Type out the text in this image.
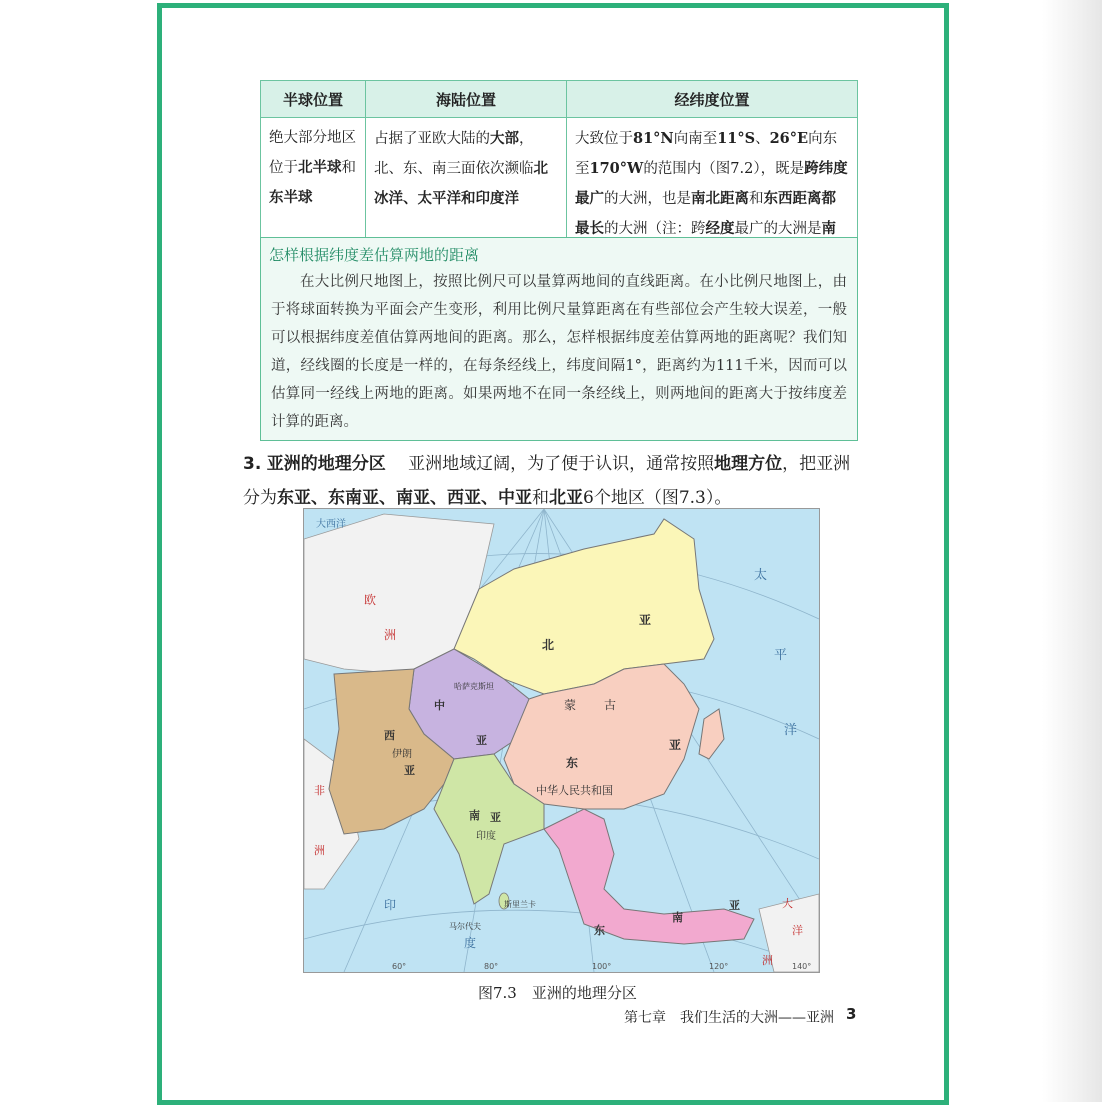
半球位置	海陆位置	经纬度位置
绝大部分地区位于北半球和东半球	占据了亚欧大陆的大部，北、东、南三面依次濒临北冰洋、太平洋和印度洋	大致位于81°N向南至11°S、26°E向东至170°W的范围内（图7.2），既是跨纬度最广的大洲，也是南北距离和东西距离都最长的大洲（注：跨经度最广的大洲是南
怎样根据纬度差估算两地的距离
在大比例尺地图上，按照比例尺可以量算两地间的直线距离。在小比例尺地图上，由于将球面转换为平面会产生变形，利用比例尺量算距离在有些部位会产生较大误差，一般可以根据纬度差值估算两地间的距离。那么，怎样根据纬度差估算两地的距离呢？我们知道，经线圈的长度是一样的，在每条经线上，纬度间隔1°，距离约为111千米，因而可以估算同一经线上两地的距离。如果两地不在同一条经线上，则两地间的距离大于按纬度差计算的距离。
3. 亚洲的地理分区　 亚洲地域辽阔，为了便于认识，通常按照地理方位，把亚洲分为东亚、东南亚、南亚、西亚、中亚和北亚6个地区（图7.3）。
大西洋
欧
洲
非
洲
北
亚
中
亚
哈萨克斯坦
蒙 古
东
亚
中华人民共和国
西
亚
伊朗
南 亚
印度
斯里兰卡
马尔代夫	东
南
亚
太
平
洋
大
洋
洲
印
度
60°	80°	100°	120°	140°
图7.3　亚洲的地理分区
第七章　我们生活的大洲——亚洲 3
